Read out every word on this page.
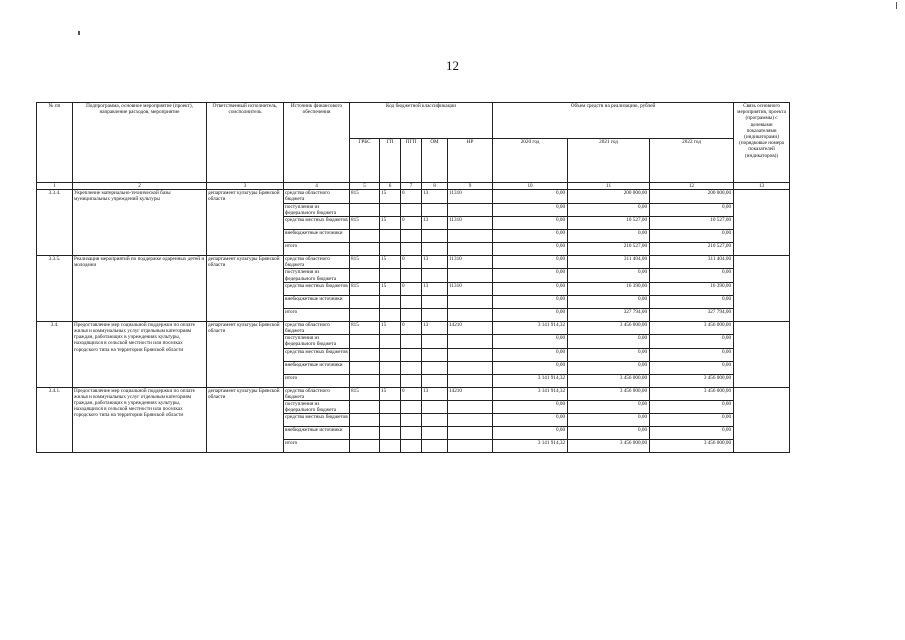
12
№ пп	Подпрограмма, основное мероприятие (проект), направление расходов, мероприятие	Ответственный исполнитель, соисполнитель	Источник финансового обеспечения	Код бюджетной классификации					Объем средств на реализацию, рублей			Связь основного мероприятия, проекта (программы) с целевыми показателями (индикаторами) (порядковые номера показателей (индикаторов))
				ГРБС	ГП	ПГП	ОМ	НР	2020 год	2021 год	2022 год	
1	2	3	4	5	6	7	8	9	10	11	12	13
3.3.4.	Укрепление материально-технической базы муниципальных учреждений культуры	департамент культуры Брянской области	средства областного бюджета	815	15	0	13	11310	0,00	200 000,00	200 000,00	
			поступления из федерального бюджета						0,00	0,00	0,00	
			средства местных бюджетов	815	15	0	13	11310	0,00	10 527,00	10 527,00	
			внебюджетные источники						0,00	0,00	0,00	
			итого						0,00	210 527,00	210 527,00	
3.3.5.	Реализация мероприятий по поддержке одаренных детей и молодежи	департамент культуры Брянской области	средства областного бюджета	815	15	0	13	11310	0,00	311 404,00	311 404,00	
			поступления из федерального бюджета						0,00	0,00	0,00	
			средства местных бюджетов	815	15	0	13	11310	0,00	16 390,00	16 390,00	
			внебюджетные источники						0,00	0,00	0,00	
			итого						0,00	327 794,00	327 794,00	
3.4.	Предоставление мер социальной поддержки по оплате жилья и коммунальных услуг отдельным категориям граждан, работающих в учреждениях культуры, находящихся в сельской местности или поселках городского типа на территории Брянской области	департамент культуры Брянской области	средства областного бюджета	815	15	0	13	14210	3 141 914,32	3 456 000,00	3 456 000,00	
			поступления из федерального бюджета						0,00	0,00	0,00	
			средства местных бюджетов						0,00	0,00	0,00	
			внебюджетные источники						0,00	0,00	0,00	
			итого						3 141 914,32	3 456 000,00	3 456 000,00	
3.4.1.	Предоставление мер социальной поддержки по оплате жилья и коммунальных услуг отдельным категориям граждан, работающих в учреждениях культуры, находящихся в сельской местности или поселках городского типа на территории Брянской области	департамент культуры Брянской области	средства областного бюджета	815	15	0	13	14210	3 141 914,32	3 456 000,00	3 456 000,00	
			поступления из федерального бюджета						0,00	0,00	0,00	
			средства местных бюджетов						0,00	0,00	0,00	
			внебюджетные источники						0,00	0,00	0,00	
			итого						3 141 914,32	3 456 000,00	3 456 000,00	
